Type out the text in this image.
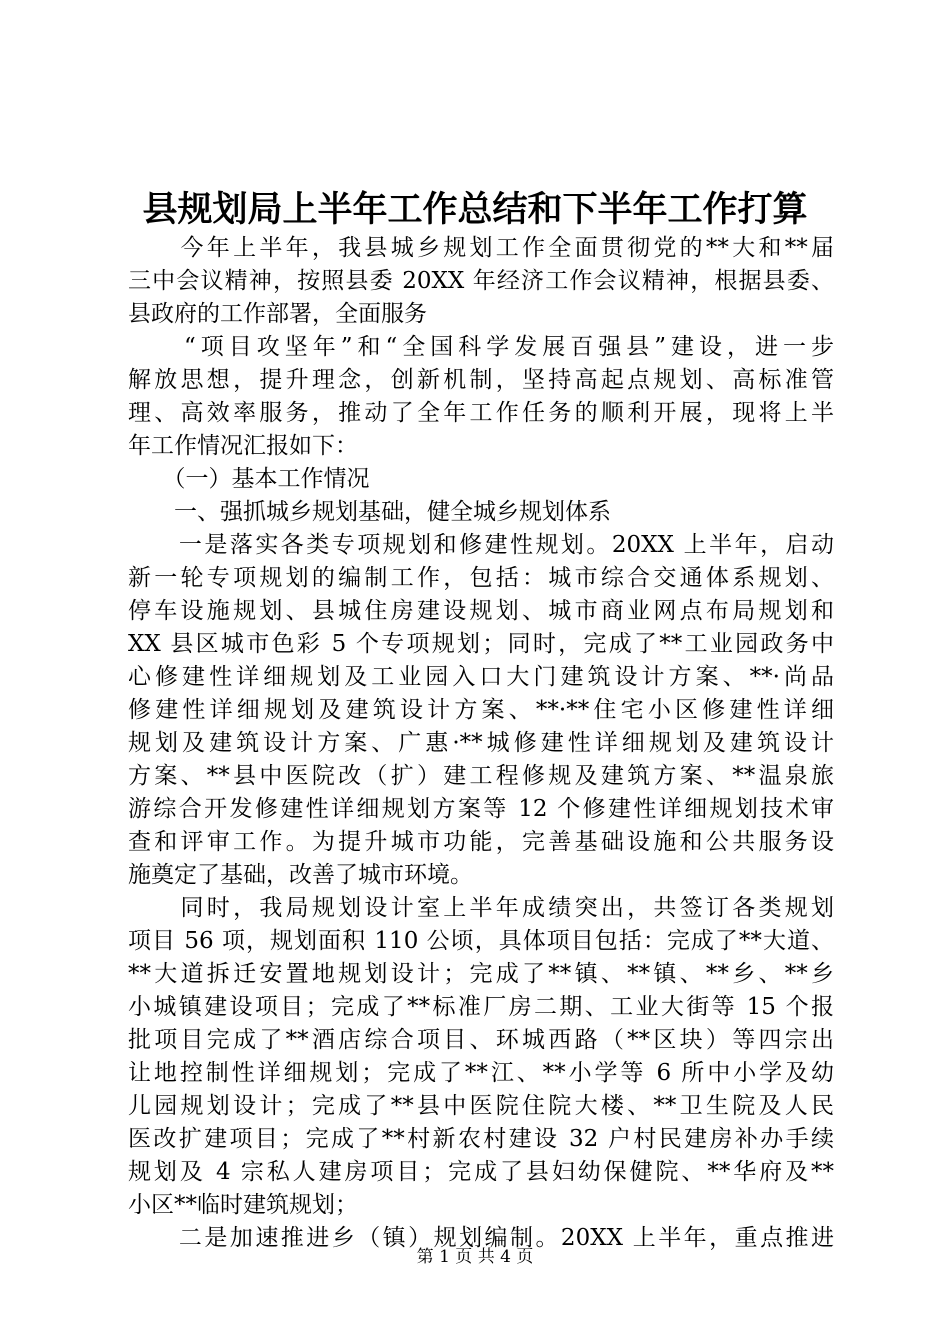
县规划局上半年工作总结和下半年工作打算
　　今年上半年，我县城乡规划工作全面贯彻党的**大和**届
三中会议精神，按照县委 20XX 年经济工作会议精神，根据县委、
县政府的工作部署，全面服务
　　“项目攻坚年”和“全国科学发展百强县”建设，进一步
解放思想，提升理念，创新机制，坚持高起点规划、高标准管
理、高效率服务，推动了全年工作任务的顺利开展，现将上半
年工作情况汇报如下：
　　（一）基本工作情况
　　一、强抓城乡规划基础，健全城乡规划体系
　　一是落实各类专项规划和修建性规划。20XX 上半年，启动
新一轮专项规划的编制工作，包括：城市综合交通体系规划、
停车设施规划、县城住房建设规划、城市商业网点布局规划和
XX 县区城市色彩 5 个专项规划；同时，完成了**工业园政务中
心修建性详细规划及工业园入口大门建筑设计方案、**·尚品
修建性详细规划及建筑设计方案、**·**住宅小区修建性详细
规划及建筑设计方案、广惠·**城修建性详细规划及建筑设计
方案、**县中医院改（扩）建工程修规及建筑方案、**温泉旅
游综合开发修建性详细规划方案等 12 个修建性详细规划技术审
查和评审工作。为提升城市功能，完善基础设施和公共服务设
施奠定了基础，改善了城市环境。
　　同时，我局规划设计室上半年成绩突出，共签订各类规划
项目 56 项，规划面积 110 公顷，具体项目包括：完成了**大道、
**大道拆迁安置地规划设计；完成了**镇、**镇、**乡、**乡
小城镇建设项目；完成了**标准厂房二期、工业大街等 15 个报
批项目完成了**酒店综合项目、环城西路（**区块）等四宗出
让地控制性详细规划；完成了**江、**小学等 6 所中小学及幼
儿园规划设计；完成了**县中医院住院大楼、**卫生院及人民
医改扩建项目；完成了**村新农村建设 32 户村民建房补办手续
规划及 4 宗私人建房项目；完成了县妇幼保健院、**华府及**
小区**临时建筑规划；
　　二是加速推进乡（镇）规划编制。20XX 上半年，重点推进
第 1 页 共 4 页
